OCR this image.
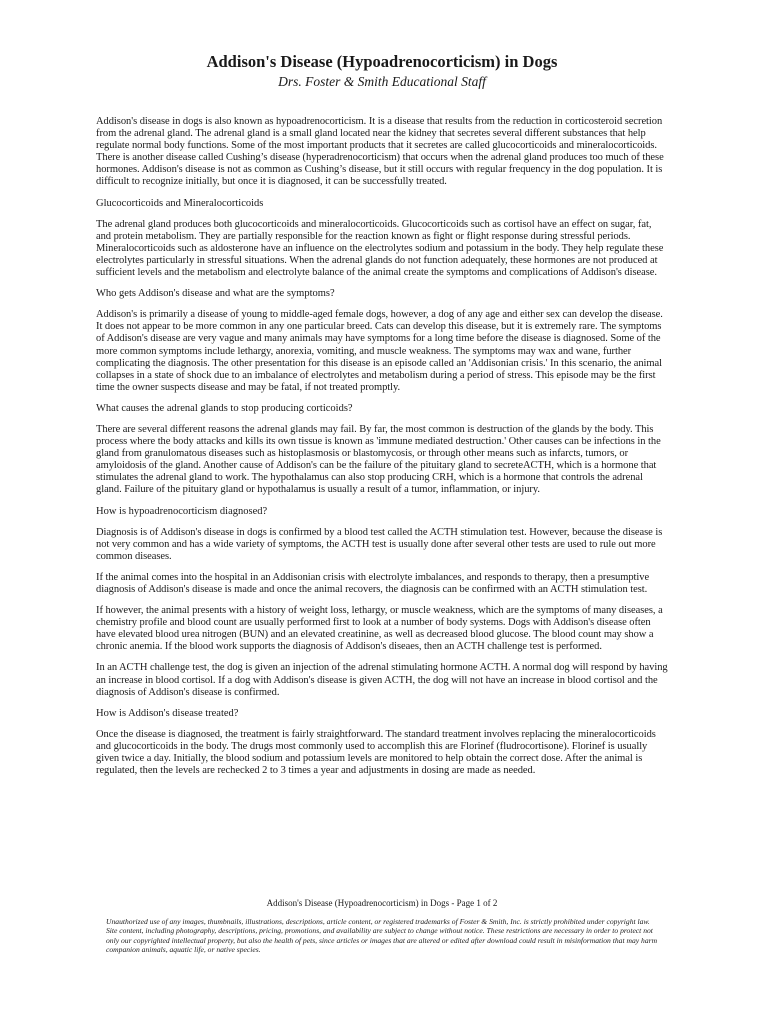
Addison's Disease (Hypoadrenocorticism) in Dogs

Drs. Foster & Smith Educational Staff

Addison's disease in dogs is also known as hypoadrenocorticism. It is a disease that results from the reduction in corticosteroid secretion from the adrenal gland. The adrenal gland is a small gland located near the kidney that secretes several different substances that help regulate normal body functions. Some of the most important products that it secretes are called glucocorticoids and mineralocorticoids. There is another disease called Cushing’s disease (hyperadrenocorticism) that occurs when the adrenal gland produces too much of these hormones. Addison's disease is not as common as Cushing’s disease, but it still occurs with regular frequency in the dog population. It is difficult to recognize initially, but once it is diagnosed, it can be successfully treated.

Glucocorticoids and Mineralocorticoids

The adrenal gland produces both glucocorticoids and mineralocorticoids. Glucocorticoids such as cortisol have an effect on sugar, fat, and protein metabolism. They are partially responsible for the reaction known as fight or flight response during stressful periods. Mineralocorticoids such as aldosterone have an influence on the electrolytes sodium and potassium in the body. They help regulate these electrolytes particularly in stressful situations. When the adrenal glands do not function adequately, these hormones are not produced at sufficient levels and the metabolism and electrolyte balance of the animal create the symptoms and complications of Addison's disease.

Who gets Addison's disease and what are the symptoms?

Addison's is primarily a disease of young to middle-aged female dogs, however, a dog of any age and either sex can develop the disease. It does not appear to be more common in any one particular breed. Cats can develop this disease, but it is extremely rare. The symptoms of Addison's disease are very vague and many animals may have symptoms for a long time before the disease is diagnosed. Some of the more common symptoms include lethargy, anorexia, vomiting, and muscle weakness. The symptoms may wax and wane, further complicating the diagnosis. The other presentation for this disease is an episode called an 'Addisonian crisis.' In this scenario, the animal collapses in a state of shock due to an imbalance of electrolytes and metabolism during a period of stress. This episode may be the first time the owner suspects disease and may be fatal, if not treated promptly.

What causes the adrenal glands to stop producing corticoids?

There are several different reasons the adrenal glands may fail. By far, the most common is destruction of the glands by the body. This process where the body attacks and kills its own tissue is known as 'immune mediated destruction.' Other causes can be infections in the gland from granulomatous diseases such as histoplasmosis or blastomycosis, or through other means such as infarcts, tumors, or amyloidosis of the gland. Another cause of Addison's can be the failure of the pituitary gland to secreteACTH, which is a hormone that stimulates the adrenal gland to work. The hypothalamus can also stop producing CRH, which is a hormone that controls the adrenal gland. Failure of the pituitary gland or hypothalamus is usually a result of a tumor, inflammation, or injury.

How is hypoadrenocorticism diagnosed?

Diagnosis is of Addison's disease in dogs is confirmed by a blood test called the ACTH stimulation test. However, because the disease is not very common and has a wide variety of symptoms, the ACTH test is usually done after several other tests are used to rule out more common diseases.

If the animal comes into the hospital in an Addisonian crisis with electrolyte imbalances, and responds to therapy, then a presumptive diagnosis of Addison's disease is made and once the animal recovers, the diagnosis can be confirmed with an ACTH stimulation test.

If however, the animal presents with a history of weight loss, lethargy, or muscle weakness, which are the symptoms of many diseases, a chemistry profile and blood count are usually performed first to look at a number of body systems. Dogs with Addison's disease often have elevated blood urea nitrogen (BUN) and an elevated creatinine, as well as decreased blood glucose. The blood count may show a chronic anemia. If the blood work supports the diagnosis of Addison's diseaes, then an ACTH challenge test is performed.

In an ACTH challenge test, the dog is given an injection of the adrenal stimulating hormone ACTH. A normal dog will respond by having an increase in blood cortisol. If a dog with Addison's disease is given ACTH, the dog will not have an increase in blood cortisol and the diagnosis of Addison's disease is confirmed.

How is Addison's disease treated?

Once the disease is diagnosed, the treatment is fairly straightforward. The standard treatment involves replacing the mineralocorticoids and glucocorticoids in the body. The drugs most commonly used to accomplish this are Florinef (fludrocortisone). Florinef is usually given twice a day. Initially, the blood sodium and potassium levels are monitored to help obtain the correct dose. After the animal is regulated, then the levels are rechecked 2 to 3 times a year and adjustments in dosing are made as needed.

Addison's Disease (Hypoadrenocorticism) in Dogs - Page 1 of 2

Unauthorized use of any images, thumbnails, illustrations, descriptions, article content, or registered trademarks of Foster & Smith, Inc. is strictly prohibited under copyright law. Site content, including photography, descriptions, pricing, promotions, and availability are subject to change without notice. These restrictions are necessary in order to protect not only our copyrighted intellectual property, but also the health of pets, since articles or images that are altered or edited after download could result in misinformation that may harm companion animals, aquatic life, or native species.
